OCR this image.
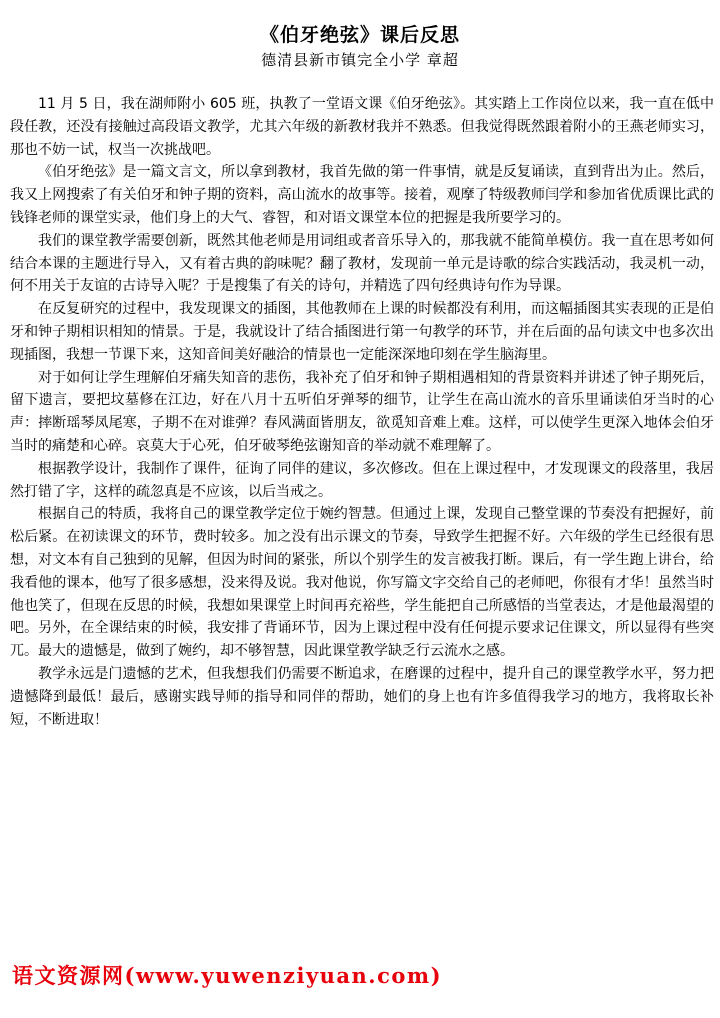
《伯牙绝弦》课后反思
德清县新市镇完全小学 章超

11 月 5 日，我在湖师附小 605 班，执教了一堂语文课《伯牙绝弦》。其实踏上工作岗位以来，我一直在低中段任教，还没有接触过高段语文教学，尤其六年级的新教材我并不熟悉。但我觉得既然跟着附小的王燕老师实习，那也不妨一试，权当一次挑战吧。

《伯牙绝弦》是一篇文言文，所以拿到教材，我首先做的第一件事情，就是反复诵读，直到背出为止。然后，我又上网搜索了有关伯牙和钟子期的资料，高山流水的故事等。接着，观摩了特级教师闫学和参加省优质课比武的钱锋老师的课堂实录，他们身上的大气、睿智，和对语文课堂本位的把握是我所要学习的。

我们的课堂教学需要创新，既然其他老师是用词组或者音乐导入的，那我就不能简单模仿。我一直在思考如何结合本课的主题进行导入，又有着古典的韵味呢？翻了教材，发现前一单元是诗歌的综合实践活动，我灵机一动，何不用关于友谊的古诗导入呢？于是搜集了有关的诗句，并精选了四句经典诗句作为导课。

在反复研究的过程中，我发现课文的插图，其他教师在上课的时候都没有利用，而这幅插图其实表现的正是伯牙和钟子期相识相知的情景。于是，我就设计了结合插图进行第一句教学的环节，并在后面的品句读文中也多次出现插图，我想一节课下来，这知音间美好融洽的情景也一定能深深地印刻在学生脑海里。

对于如何让学生理解伯牙痛失知音的悲伤，我补充了伯牙和钟子期相遇相知的背景资料并讲述了钟子期死后，留下遗言，要把坟墓修在江边，好在八月十五听伯牙弹琴的细节，让学生在高山流水的音乐里诵读伯牙当时的心声：摔断瑶琴凤尾寒，子期不在对谁弹？春风满面皆朋友，欲觅知音难上难。这样，可以使学生更深入地体会伯牙当时的痛楚和心碎。哀莫大于心死，伯牙破琴绝弦谢知音的举动就不难理解了。

根据教学设计，我制作了课件，征询了同伴的建议，多次修改。但在上课过程中，才发现课文的段落里，我居然打错了字，这样的疏忽真是不应该，以后当戒之。

根据自己的特质，我将自己的课堂教学定位于婉约智慧。但通过上课，发现自己整堂课的节奏没有把握好，前松后紧。在初读课文的环节，费时较多。加之没有出示课文的节奏，导致学生把握不好。六年级的学生已经很有思想，对文本有自己独到的见解，但因为时间的紧张，所以个别学生的发言被我打断。课后，有一学生跑上讲台，给我看他的课本，他写了很多感想，没来得及说。我对他说，你写篇文字交给自己的老师吧，你很有才华！虽然当时他也笑了，但现在反思的时候，我想如果课堂上时间再充裕些，学生能把自己所感悟的当堂表达，才是他最渴望的吧。另外，在全课结束的时候，我安排了背诵环节，因为上课过程中没有任何提示要求记住课文，所以显得有些突兀。最大的遗憾是，做到了婉约，却不够智慧，因此课堂教学缺乏行云流水之感。

教学永远是门遗憾的艺术，但我想我们仍需要不断追求，在磨课的过程中，提升自己的课堂教学水平，努力把遗憾降到最低！最后，感谢实践导师的指导和同伴的帮助，她们的身上也有许多值得我学习的地方，我将取长补短，不断进取！

语文资源网(www.yuwenziyuan.com)
